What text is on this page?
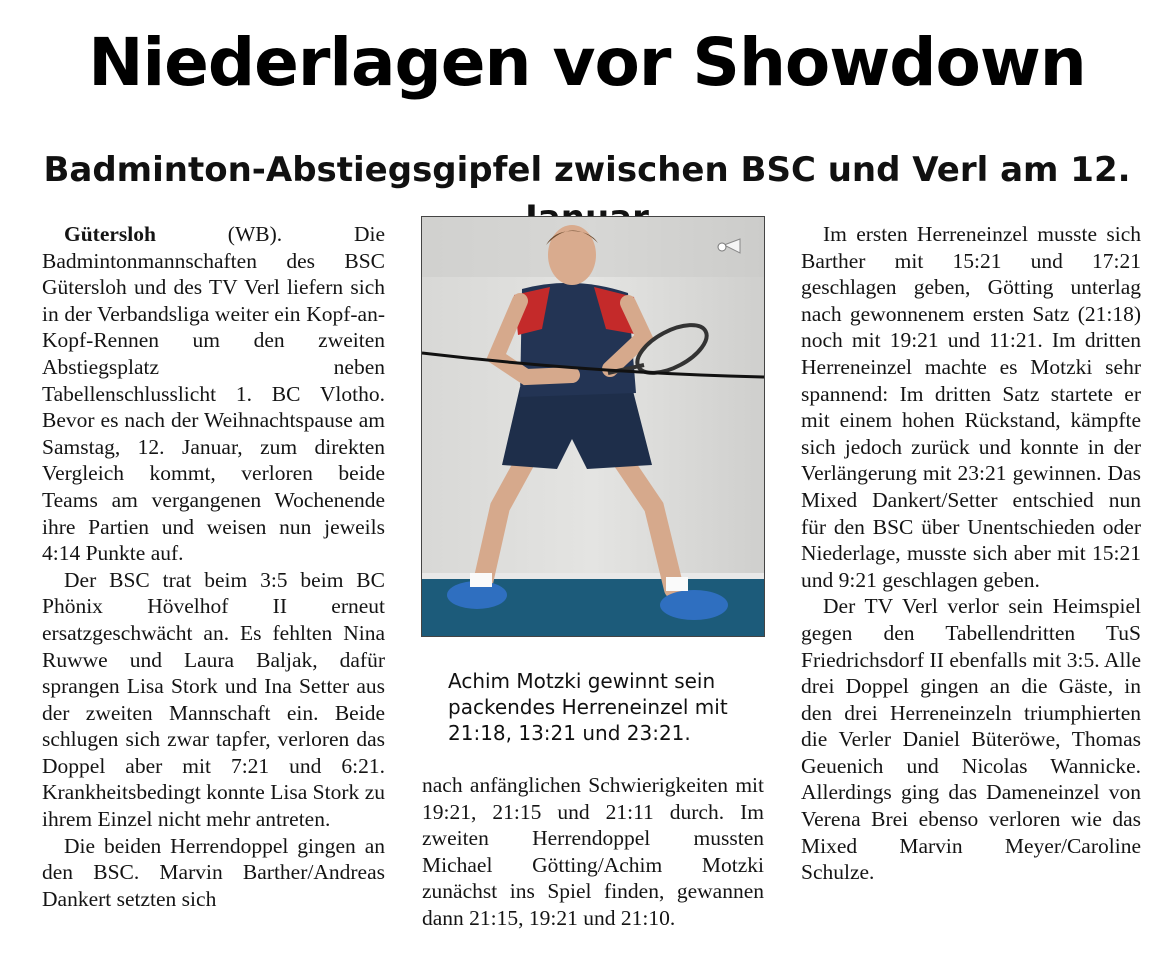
Niederlagen vor Showdown
Badminton-Abstiegsgipfel zwischen BSC und Verl am 12.

Gütersloh (WB). Die Badmintonmannschaften des BSC Gütersloh und des TV Verl liefern sich in der Verbandsliga weiter ein Kopf-an-Kopf-Rennen um den zweiten Abstiegsplatz neben Tabellenschlusslicht 1. BC Vlotho. Bevor es nach der Weihnachtspause am Samstag, 12. Januar, zum direkten Vergleich kommt, verloren beide Teams am vergangenen Wochenende ihre Partien und weisen nun jeweils 4:14 Punkte auf.

Der BSC trat beim 3:5 beim BC Phönix Hövelhof II erneut ersatzgeschwächt an. Es fehlten Nina Ruwwe und Laura Baljak, dafür sprangen Lisa Stork und Ina Setter aus der zweiten Mannschaft ein. Beide schlugen sich zwar tapfer, verloren das Doppel aber mit 7:21 und 6:21. Krankheitsbedingt konnte Lisa Stork zu ihrem Einzel nicht mehr antreten.

Die beiden Herrendoppel gingen an den BSC. Marvin Barther/Andreas Dankert setzten sich

Achim Motzki gewinnt sein packendes Herreneinzel mit 21:18, 13:21 und 23:21.

nach anfänglichen Schwierigkeiten mit 19:21, 21:15 und 21:11 durch. Im zweiten Herrendoppel mussten Michael Götting/Achim Motzki zunächst ins Spiel finden, gewannen dann 21:15, 19:21 und 21:10.

Im ersten Herreneinzel musste sich Barther mit 15:21 und 17:21 geschlagen geben, Götting unterlag nach gewonnenem ersten Satz (21:18) noch mit 19:21 und 11:21. Im dritten Herreneinzel machte es Motzki sehr spannend: Im dritten Satz startete er mit einem hohen Rückstand, kämpfte sich jedoch zurück und konnte in der Verlängerung mit 23:21 gewinnen. Das Mixed Dankert/Setter entschied nun für den BSC über Unentschieden oder Niederlage, musste sich aber mit 15:21 und 9:21 geschlagen geben.

Der TV Verl verlor sein Heimspiel gegen den Tabellendritten TuS Friedrichsdorf II ebenfalls mit 3:5. Alle drei Doppel gingen an die Gäste, in den drei Herreneinzeln triumphierten die Verler Daniel Büteröwe, Thomas Geuenich und Nicolas Wannicke. Allerdings ging das Dameneinzel von Verena Brei ebenso verloren wie das Mixed Marvin Meyer/Caroline Schulze.
